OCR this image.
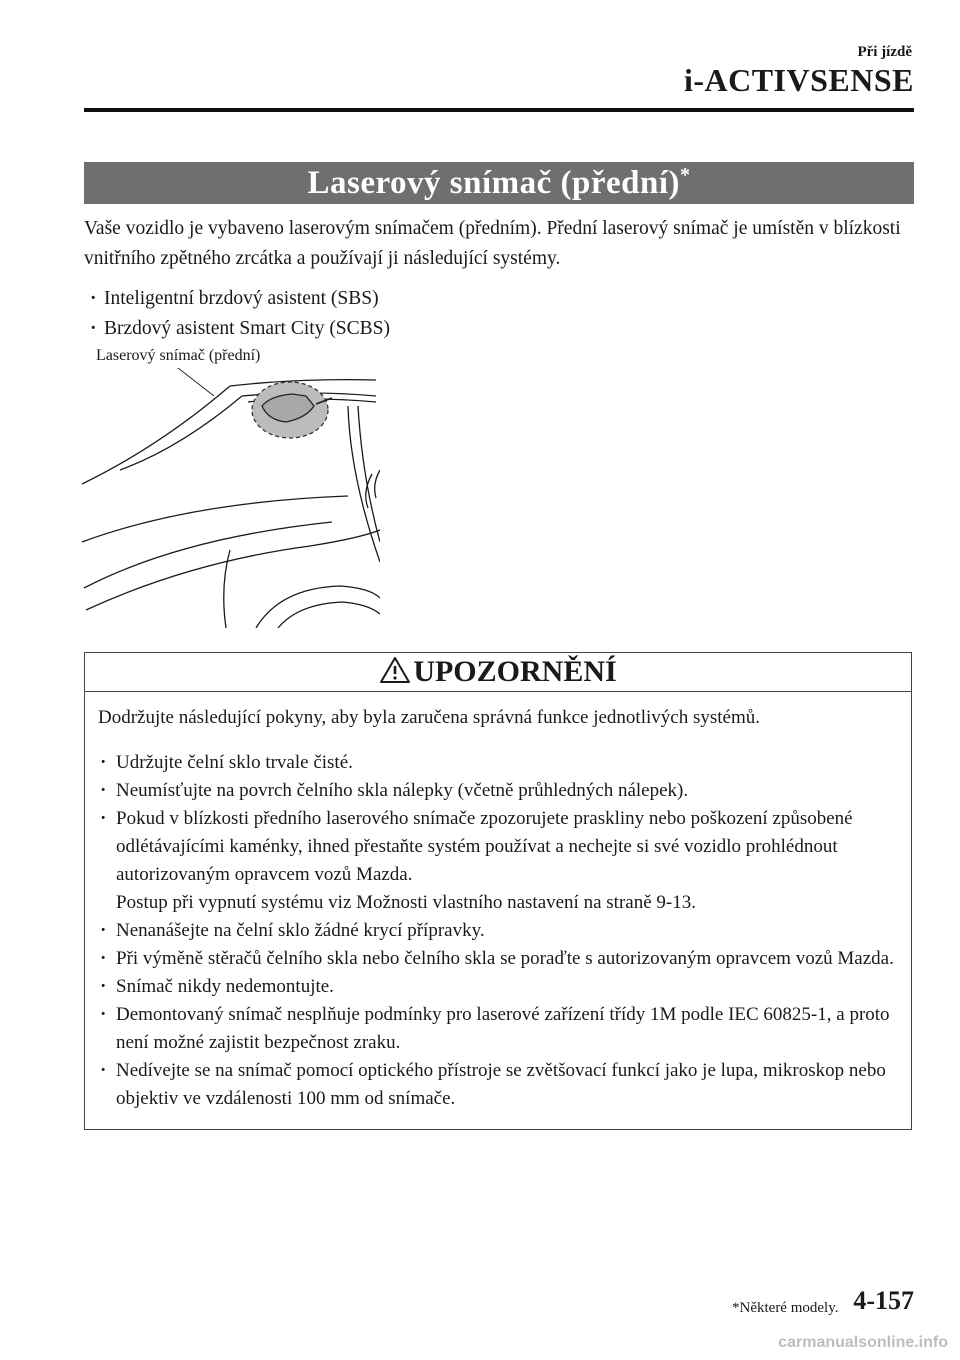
Při jízdě
i-ACTIVSENSE
Laserový snímač (přední)*
Vaše vozidlo je vybaveno laserovým snímačem (předním). Přední laserový snímač je umístěn v blízkosti vnitřního zpětného zrcátka a používají ji následující systémy.
· Inteligentní brzdový asistent (SBS)
· Brzdový asistent Smart City (SCBS)
Laserový snímač (přední)
UPOZORNĚNÍ
Dodržujte následující pokyny, aby byla zaručena správná funkce jednotlivých systémů.
· Udržujte čelní sklo trvale čisté.
· Neumísťujte na povrch čelního skla nálepky (včetně průhledných nálepek).
· Pokud v blízkosti předního laserového snímače zpozorujete praskliny nebo poškození způsobené odlétávajícími kaménky, ihned přestaňte systém používat a nechejte si své vozidlo prohlédnout autorizovaným opravcem vozů Mazda.
Postup při vypnutí systému viz Možnosti vlastního nastavení na straně 9-13.
· Nenanášejte na čelní sklo žádné krycí přípravky.
· Při výměně stěračů čelního skla nebo čelního skla se poraďte s autorizovaným opravcem vozů Mazda.
· Snímač nikdy nedemontujte.
· Demontovaný snímač nesplňuje podmínky pro laserové zařízení třídy 1M podle IEC 60825-1, a proto není možné zajistit bezpečnost zraku.
· Nedívejte se na snímač pomocí optického přístroje se zvětšovací funkcí jako je lupa, mikroskop nebo objektiv ve vzdálenosti 100 mm od snímače.
*Některé modely. 4-157
carmanualsonline.info
